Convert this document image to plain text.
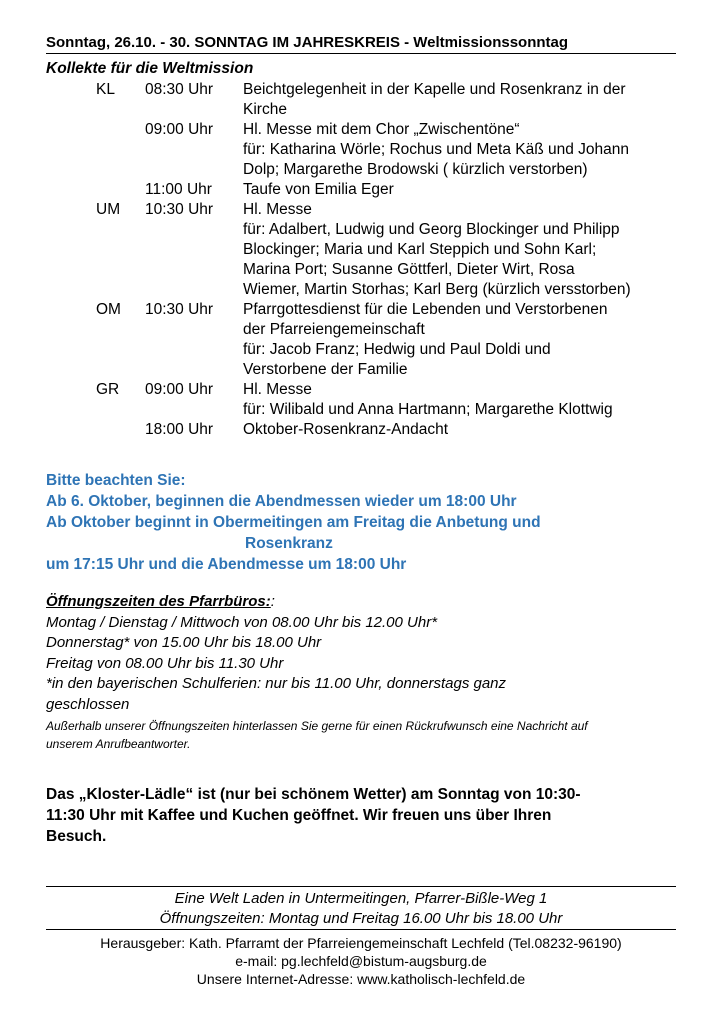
Sonntag, 26.10. - 30. SONNTAG IM JAHRESKREIS - Weltmissionssonntag
Kollekte für die Weltmission
KL 08:30 Uhr Beichtgelegenheit in der Kapelle und Rosenkranz in der
Kirche
09:00 Uhr Hl. Messe mit dem Chor „Zwischentöne“
für: Katharina Wörle; Rochus und Meta Käß und Johann
Dolp; Margarethe Brodowski ( kürzlich verstorben)
11:00 Uhr Taufe von Emilia Eger
UM 10:30 Uhr Hl. Messe
für: Adalbert, Ludwig und Georg Blockinger und Philipp
Blockinger; Maria und Karl Steppich und Sohn Karl;
Marina Port; Susanne Göttferl, Dieter Wirt, Rosa
Wiemer, Martin Storhas; Karl Berg (kürzlich versstorben)
OM 10:30 Uhr Pfarrgottesdienst für die Lebenden und Verstorbenen
der Pfarreiengemeinschaft
für: Jacob Franz; Hedwig und Paul Doldi und
Verstorbene der Familie
GR 09:00 Uhr Hl. Messe
für: Wilibald und Anna Hartmann; Margarethe Klottwig
18:00 Uhr Oktober-Rosenkranz-Andacht
Bitte beachten Sie:
Ab 6. Oktober, beginnen die Abendmessen wieder um 18:00 Uhr
Ab Oktober beginnt in Obermeitingen am Freitag die Anbetung und
Rosenkranz
um 17:15 Uhr und die Abendmesse um 18:00 Uhr
Öffnungszeiten des Pfarrbüros::
Montag / Dienstag / Mittwoch von 08.00 Uhr bis 12.00 Uhr*
Donnerstag* von 15.00 Uhr bis 18.00 Uhr
Freitag von 08.00 Uhr bis 11.30 Uhr
*in den bayerischen Schulferien: nur bis 11.00 Uhr, donnerstags ganz
geschlossen
Außerhalb unserer Öffnungszeiten hinterlassen Sie gerne für einen Rückrufwunsch eine Nachricht auf
unserem Anrufbeantworter.
Das „Kloster-Lädle“ ist (nur bei schönem Wetter) am Sonntag von 10:30-
11:30 Uhr mit Kaffee und Kuchen geöffnet. Wir freuen uns über Ihren
Besuch.
Eine Welt Laden in Untermeitingen, Pfarrer-Bißle-Weg 1
Öffnungszeiten: Montag und Freitag 16.00 Uhr bis 18.00 Uhr
Herausgeber: Kath. Pfarramt der Pfarreiengemeinschaft Lechfeld (Tel.08232-96190)
e-mail: pg.lechfeld@bistum-augsburg.de
Unsere Internet-Adresse: www.katholisch-lechfeld.de
